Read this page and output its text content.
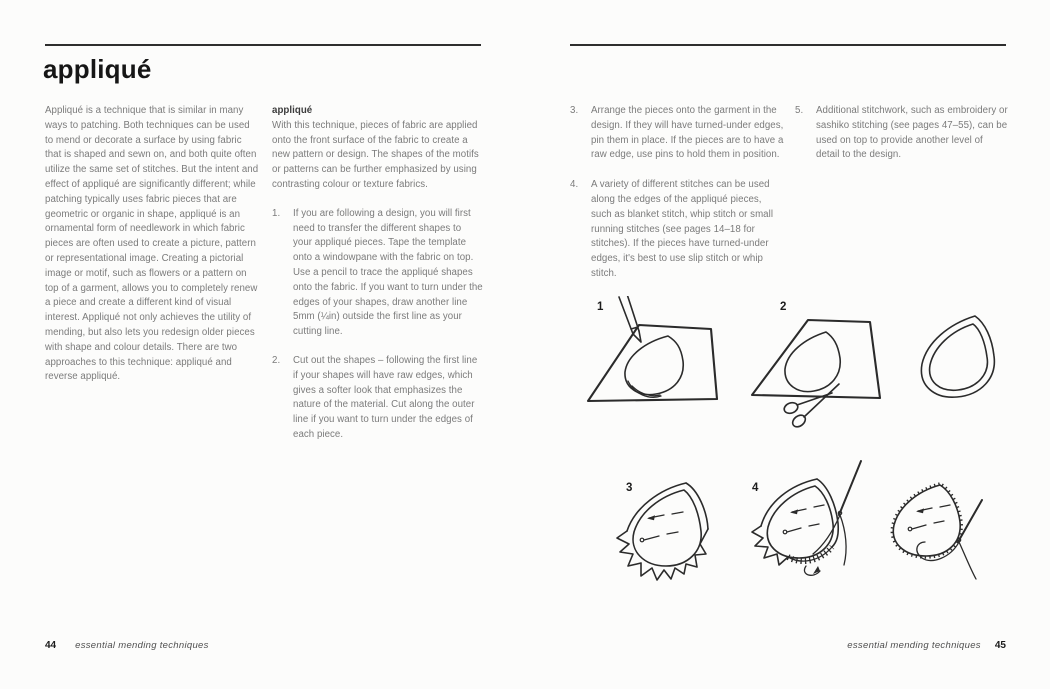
appliqué

Appliqué is a technique that is similar in many ways to patching. Both techniques can be used to mend or decorate a surface by using fabric that is shaped and sewn on, and both quite often utilize the same set of stitches. But the intent and effect of appliqué are significantly different; while patching typically uses fabric pieces that are geometric or organic in shape, appliqué is an ornamental form of needlework in which fabric pieces are often used to create a picture, pattern or representational image. Creating a pictorial image or motif, such as flowers or a pattern on top of a garment, allows you to completely renew a piece and create a different kind of visual interest. Appliqué not only achieves the utility of mending, but also lets you redesign older pieces with shape and colour details. There are two approaches to this technique: appliqué and reverse appliqué.

appliqué

With this technique, pieces of fabric are applied onto the front surface of the fabric to create a new pattern or design. The shapes of the motifs or patterns can be further emphasized by using contrasting colour or texture fabrics.

1.	If you are following a design, you will first need to transfer the different shapes to your appliqué pieces. Tape the template onto a windowpane with the fabric on top. Use a pencil to trace the appliqué shapes onto the fabric. If you want to turn under the edges of your shapes, draw another line 5mm (¼in) outside the first line as your cutting line.
2.	Cut out the shapes – following the first line if your shapes will have raw edges, which gives a softer look that emphasizes the nature of the material. Cut along the outer line if you want to turn under the edges of each piece.
44 essential mending techniques
3.	Arrange the pieces onto the garment in the design. If they will have turned-under edges, pin them in place. If the pieces are to have a raw edge, use pins to hold them in position.
4.	A variety of different stitches can be used along the edges of the appliqué pieces, such as blanket stitch, whip stitch or small running stitches (see pages 14–18 for stitches). If the pieces have turned-under edges, it's best to use slip stitch or whip stitch.
5.	Additional stitchwork, such as embroidery or sashiko stitching (see pages 47–55), can be used on top to provide another level of detail to the design.
1	2
3	4
essential mending techniques 45
